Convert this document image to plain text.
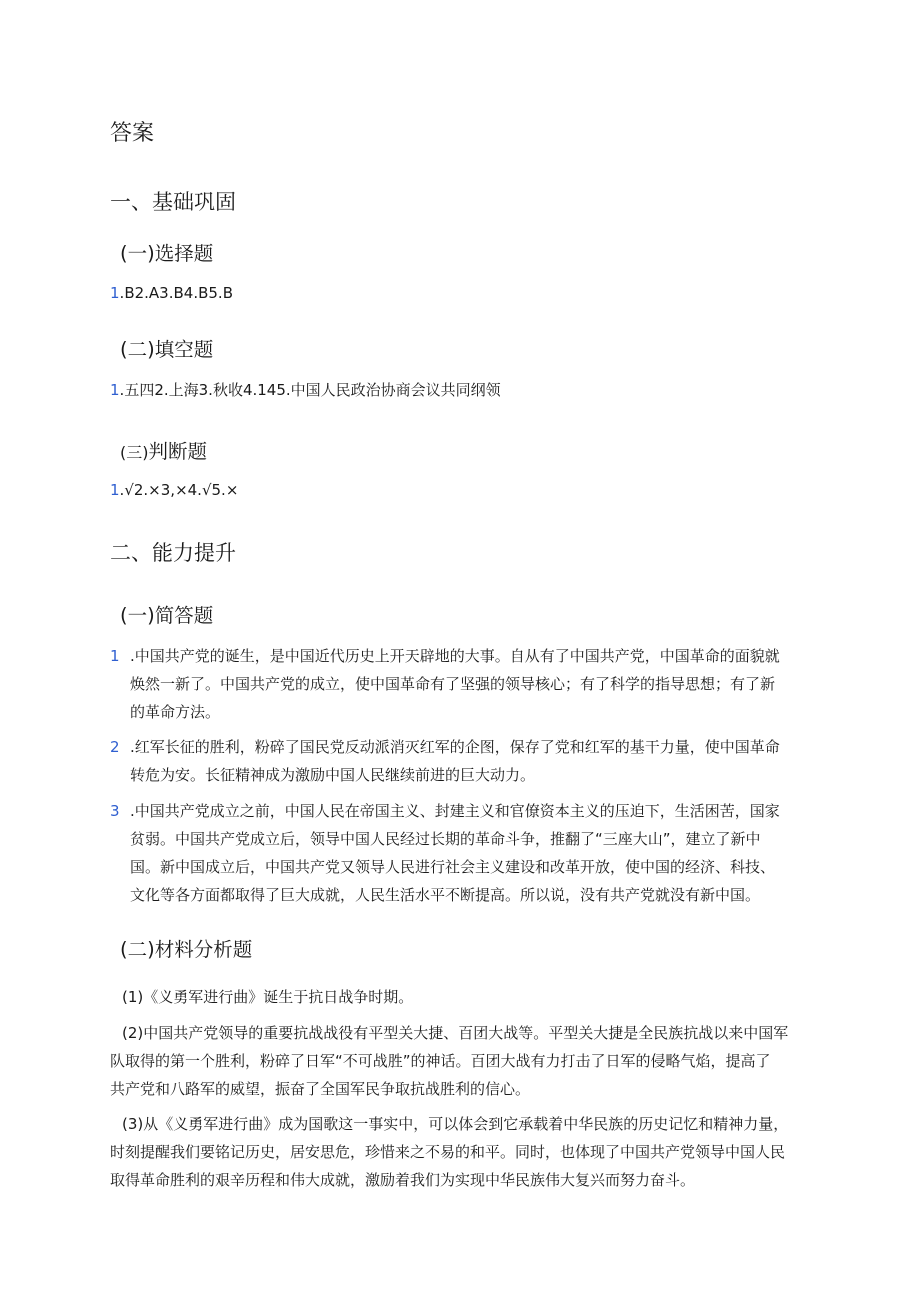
答案
一、基础巩固
(一)选择题
1.B2.A3.B4.B5.B
(二)填空题
1.五四2.上海3.秋收4.145.中国人民政治协商会议共同纲领
(三)判断题
1.√2.×3,×4.√5.×
二、能力提升
(一)简答题
1 .中国共产党的诞生，是中国近代历史上开天辟地的大事。自从有了中国共产党，中国革命的面貌就
焕然一新了。中国共产党的成立，使中国革命有了坚强的领导核心；有了科学的指导思想；有了新
的革命方法。
2 .红军长征的胜利，粉碎了国民党反动派消灭红军的企图，保存了党和红军的基干力量，使中国革命
转危为安。长征精神成为激励中国人民继续前进的巨大动力。
3 .中国共产党成立之前，中国人民在帝国主义、封建主义和官僚资本主义的压迫下，生活困苦，国家
贫弱。中国共产党成立后，领导中国人民经过长期的革命斗争，推翻了“三座大山”，建立了新中
国。新中国成立后，中国共产党又领导人民进行社会主义建设和改革开放，使中国的经济、科技、
文化等各方面都取得了巨大成就，人民生活水平不断提高。所以说，没有共产党就没有新中国。
(二)材料分析题
(1)《义勇军进行曲》诞生于抗日战争时期。
(2)中国共产党领导的重要抗战战役有平型关大捷、百团大战等。平型关大捷是全民族抗战以来中国军
队取得的第一个胜利，粉碎了日军“不可战胜”的神话。百团大战有力打击了日军的侵略气焰，提高了
共产党和八路军的威望，振奋了全国军民争取抗战胜利的信心。
(3)从《义勇军进行曲》成为国歌这一事实中，可以体会到它承载着中华民族的历史记忆和精神力量，
时刻提醒我们要铭记历史，居安思危，珍惜来之不易的和平。同时，也体现了中国共产党领导中国人民
取得革命胜利的艰辛历程和伟大成就，激励着我们为实现中华民族伟大复兴而努力奋斗。
